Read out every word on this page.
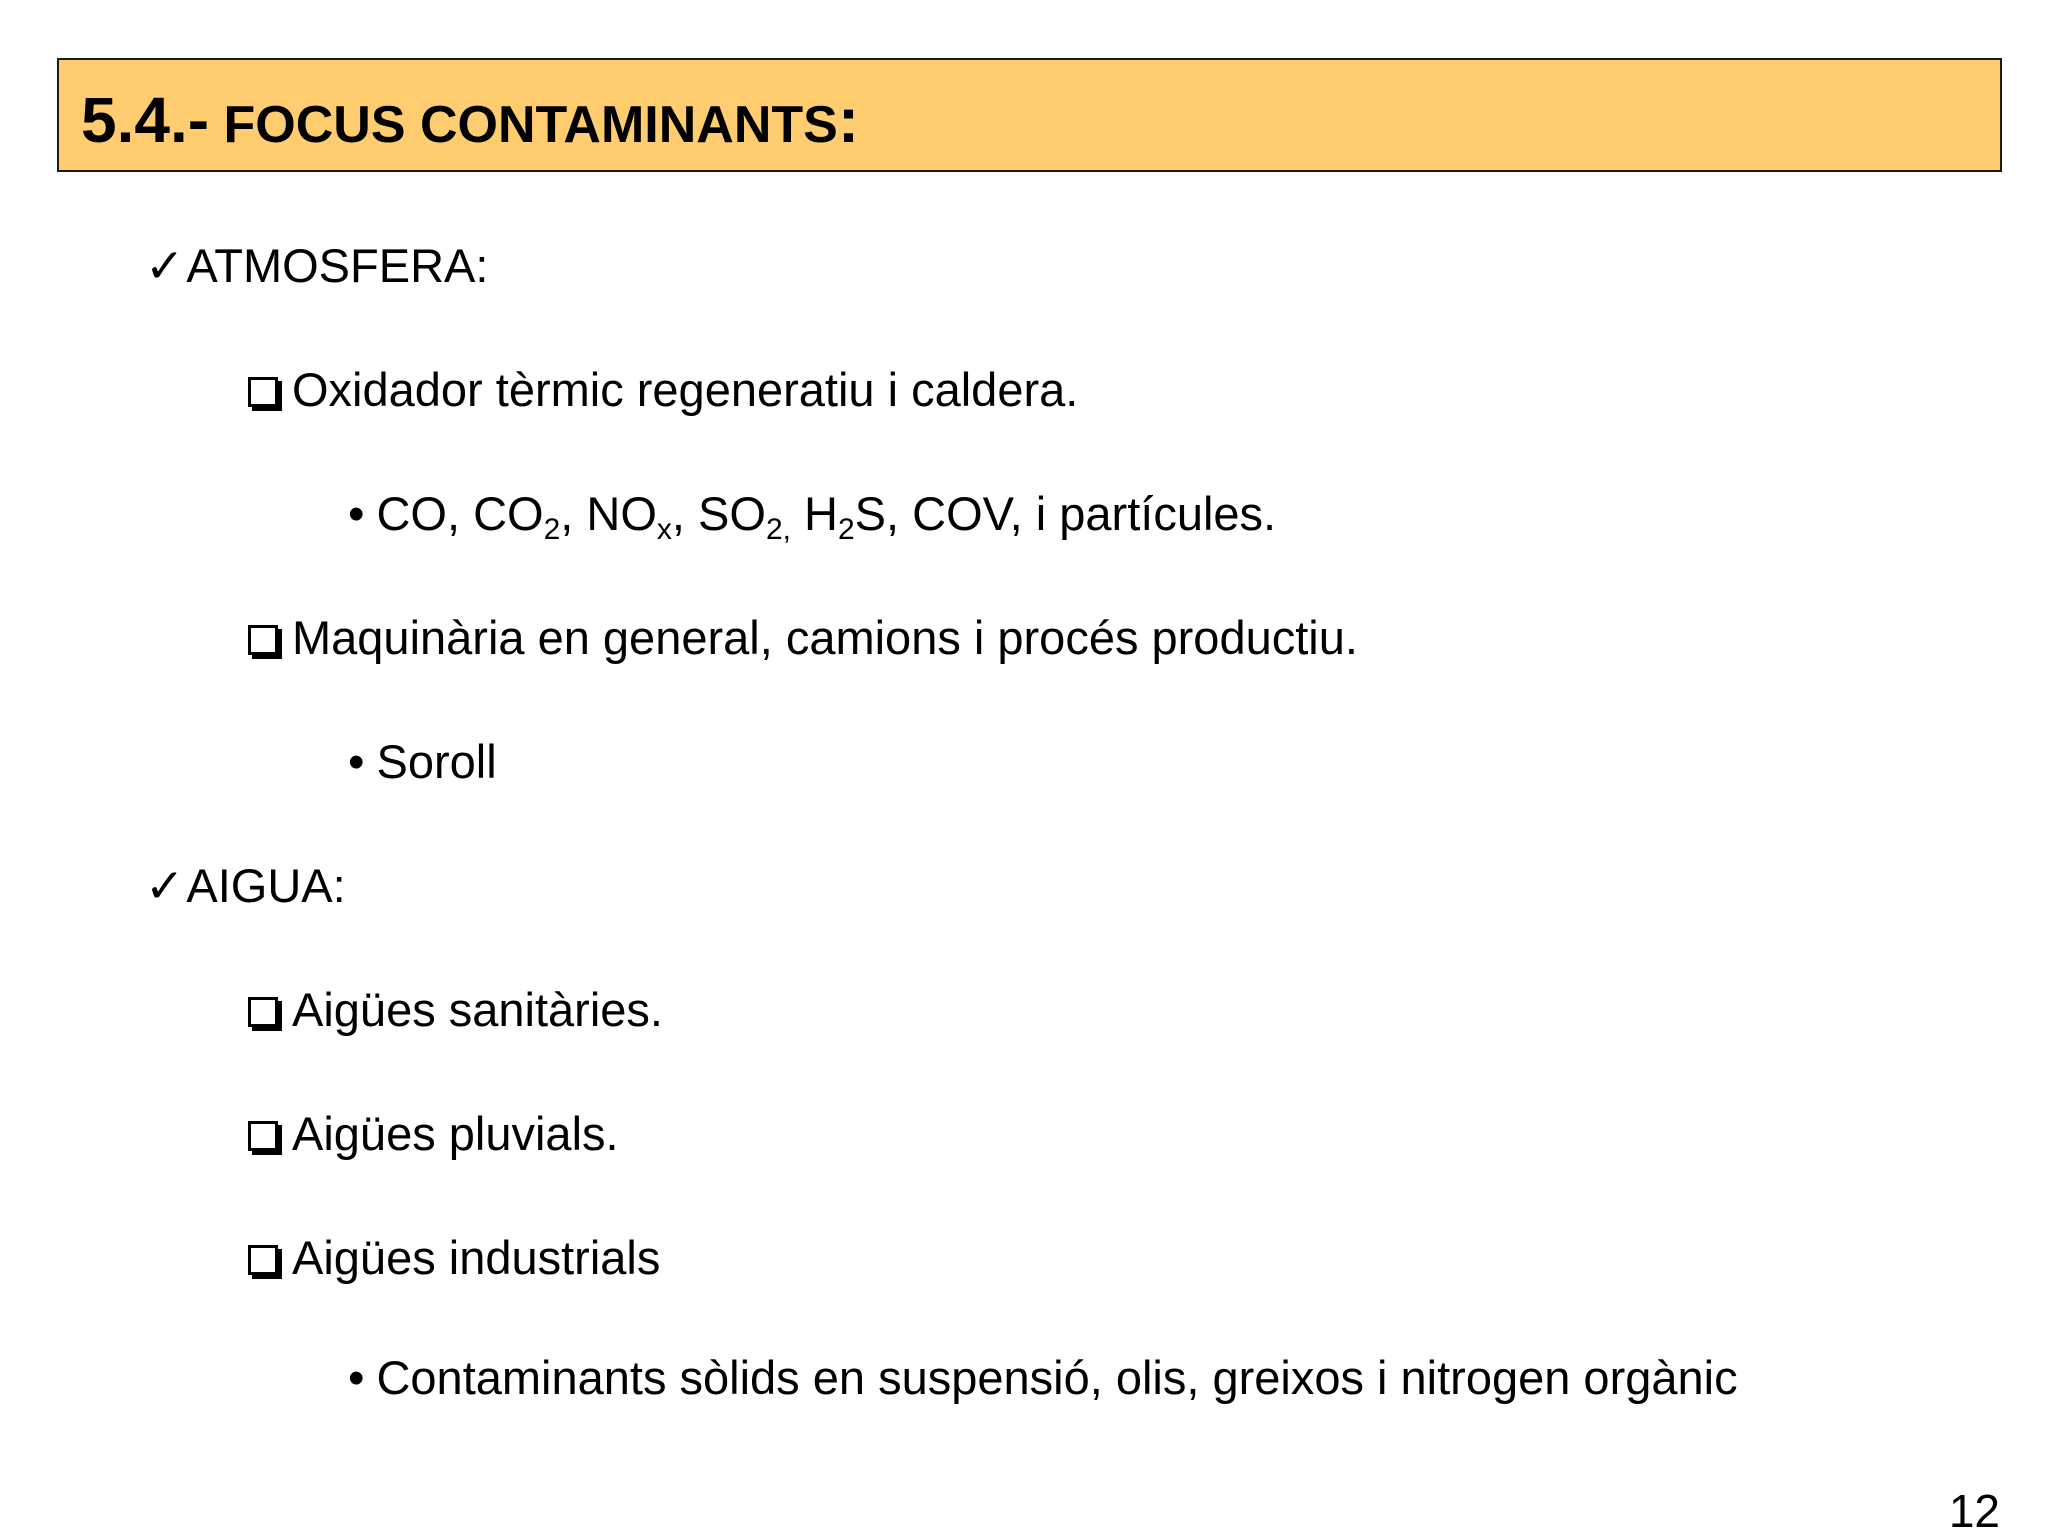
5.4.- FOCUS CONTAMINANTS:
✓ATMOSFERA:
Oxidador tèrmic regeneratiu i caldera.
• CO, $CO_2$, $NO_x$, $SO_{2,}$ $H_2S$, COV, i partícules.
Maquinària en general, camions i procés productiu.
• Soroll
✓AIGUA:
Aigües sanitàries.
Aigües pluvials.
Aigües industrials
• Contaminants sòlids en suspensió, olis, greixos i nitrogen orgànic
12
